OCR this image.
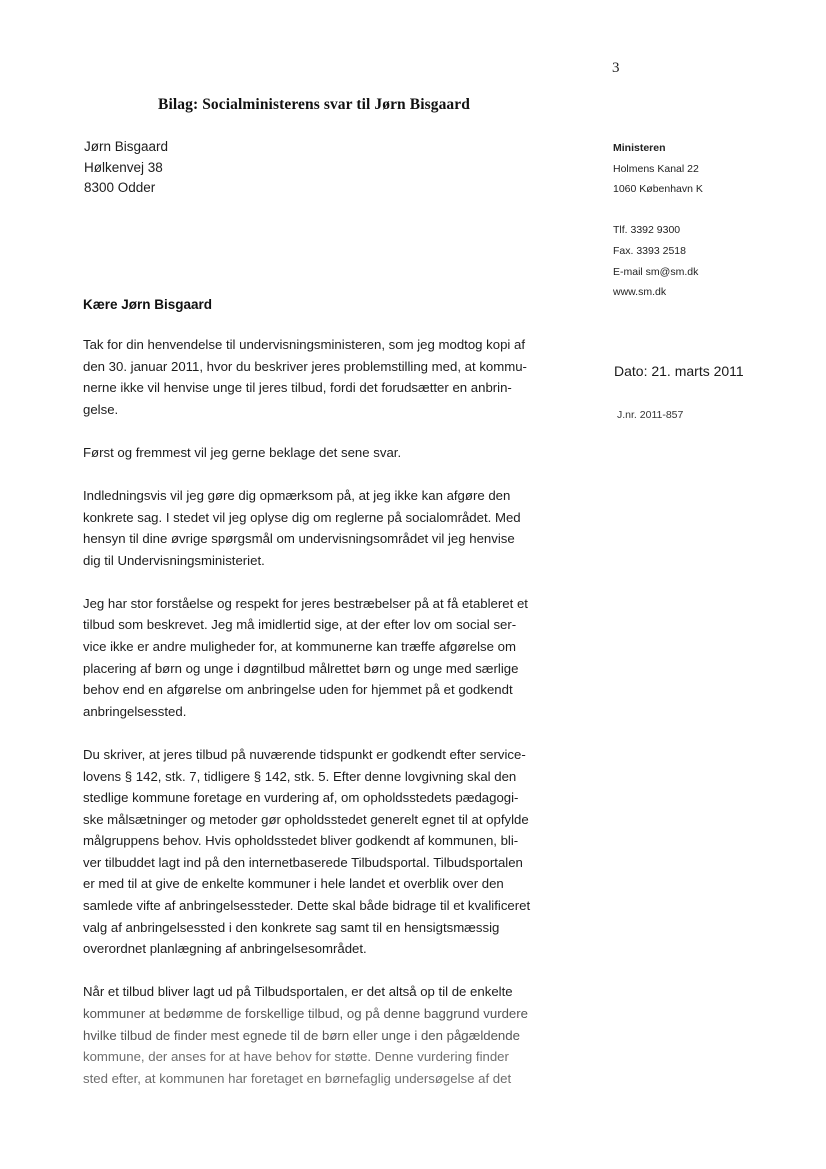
3
Bilag: Socialministerens svar til Jørn Bisgaard
Jørn Bisgaard
Hølkenvej 38
8300 Odder
Ministeren
Holmens Kanal 22
1060 København K
Tlf. 3392 9300
Fax. 3393 2518
E-mail sm@sm.dk
www.sm.dk
Dato: 21. marts 2011
J.nr. 2011-857
Kære Jørn Bisgaard

Tak for din henvendelse til undervisningsministeren, som jeg modtog kopi af
den 30. januar 2011, hvor du beskriver jeres problemstilling med, at kommu-
nerne ikke vil henvise unge til jeres tilbud, fordi det forudsætter en anbrin-
gelse.

Først og fremmest vil jeg gerne beklage det sene svar.

Indledningsvis vil jeg gøre dig opmærksom på, at jeg ikke kan afgøre den
konkrete sag. I stedet vil jeg oplyse dig om reglerne på socialområdet. Med
hensyn til dine øvrige spørgsmål om undervisningsområdet vil jeg henvise
dig til Undervisningsministeriet.

Jeg har stor forståelse og respekt for jeres bestræbelser på at få etableret et
tilbud som beskrevet. Jeg må imidlertid sige, at der efter lov om social ser-
vice ikke er andre muligheder for, at kommunerne kan træffe afgørelse om
placering af børn og unge i døgntilbud målrettet børn og unge med særlige
behov end en afgørelse om anbringelse uden for hjemmet på et godkendt
anbringelsessted.

Du skriver, at jeres tilbud på nuværende tidspunkt er godkendt efter service-
lovens § 142, stk. 7, tidligere § 142, stk. 5. Efter denne lovgivning skal den
stedlige kommune foretage en vurdering af, om opholdsstedets pædagogi-
ske målsætninger og metoder gør opholdsstedet generelt egnet til at opfylde
målgruppens behov. Hvis opholdsstedet bliver godkendt af kommunen, bli-
ver tilbuddet lagt ind på den internetbaserede Tilbudsportal. Tilbudsportalen
er med til at give de enkelte kommuner i hele landet et overblik over den
samlede vifte af anbringelsessteder. Dette skal både bidrage til et kvalificeret
valg af anbringelsessted i den konkrete sag samt til en hensigtsmæssig
overordnet planlægning af anbringelsesområdet.

Når et tilbud bliver lagt ud på Tilbudsportalen, er det altså op til de enkelte
kommuner at bedømme de forskellige tilbud, og på denne baggrund vurdere
hvilke tilbud de finder mest egnede til de børn eller unge i den pågældende
kommune, der anses for at have behov for støtte. Denne vurdering finder
sted efter, at kommunen har foretaget en børnefaglig undersøgelse af det
